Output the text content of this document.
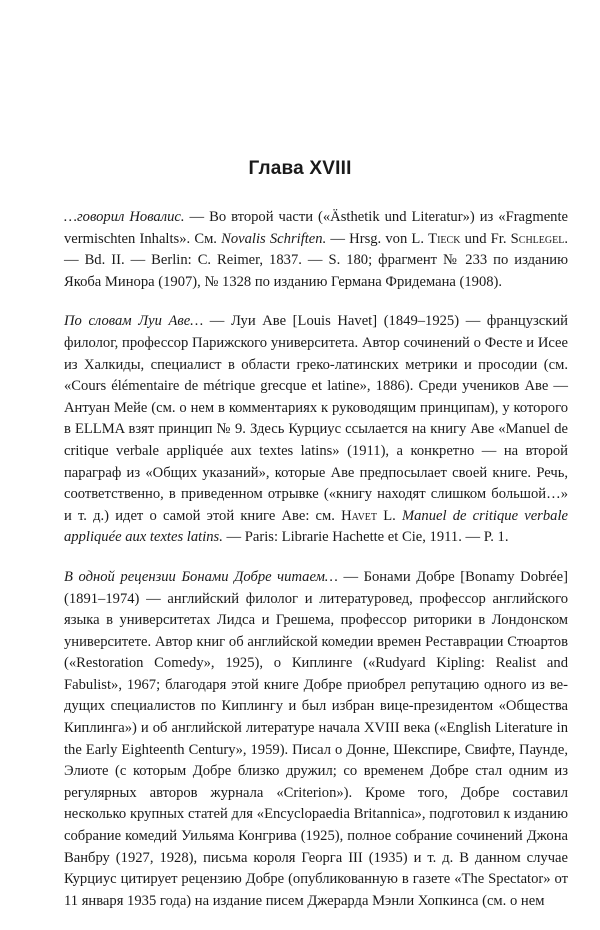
Глава XVIII

…говорил Новалис. — Во второй части («Ästhetik und Literatur») из «Fragmente vermischten Inhalts». См. Novalis Schriften. — Hrsg. von L. Tieck und Fr. Schlegel. — Bd. II. — Berlin: C. Reimer, 1837. — S. 180; фрагмент № 233 по изданию Якоба Минора (1907), № 1328 по изданию Германа Фридемана (1908).

По словам Луи Аве… — Луи Аве [Louis Havet] (1849–1925) — французский филолог, профессор Парижского университета. Автор сочинений о Фесте и Исее из Халкиды, специалист в области греко-латинских метрики и просодии (см. «Cours élémentaire de métrique grecque et latine», 1886). Среди учеников Аве — Антуан Мейе (см. о нем в комментариях к руководящим принципам), у которого в ELLMA взят принцип № 9. Здесь Курциус ссылается на книгу Аве «Manuel de critique verbale appliquée aux textes latins» (1911), а конкретно — на второй параграф из «Общих указаний», которые Аве предпосылает своей книге. Речь, соответственно, в приведенном отрывке («книгу находят слишком большой…» и т. д.) идет о самой этой книге Аве: см. Havet L. Manuel de critique verbale appliquée aux textes latins. — Paris: Librarie Hachette et Cie, 1911. — P. 1.

В одной рецензии Бонами Добре читаем… — Бонами Добре [Bonamy Dobrée] (1891–1974) — английский филолог и литературовед, профессор английского языка в университетах Лидса и Грешема, профессор риторики в Лондонском университете. Автор книг об английской комедии времен Реставрации Стюартов («Restoration Comedy», 1925), о Киплинге («Rudyard Kipling: Realist and Fabulist», 1967; благодаря этой книге Добре приобрел репутацию одного из ведущих специалистов по Киплингу и был избран вице-президентом «Общества Киплинга») и об английской литературе начала XVIII века («English Literature in the Early Eighteenth Century», 1959). Писал о Донне, Шекспире, Свифте, Паунде, Элиоте (с которым Добре близко дружил; со временем Добре стал одним из регулярных авторов журнала «Criterion»). Кроме того, Добре составил несколько крупных статей для «Encyclopaedia Britannica», подготовил к изданию собрание комедий Уильяма Конгрива (1925), полное собрание сочинений Джона Ванбру (1927, 1928), письма короля Георга III (1935) и т. д. В данном случае Курциус цитирует рецензию Добре (опубликованную в газете «The Spectator» от 11 января 1935 года) на издание писем Джерарда Мэнли Хопкинса (см. о нем
